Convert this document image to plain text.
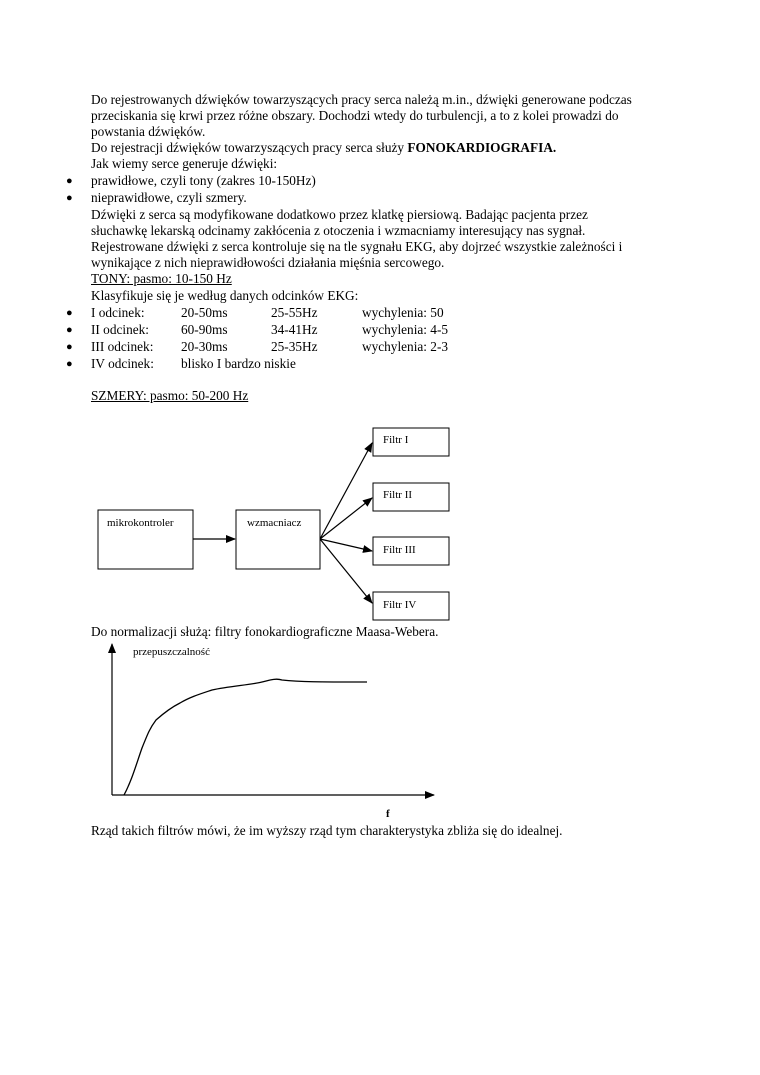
Do rejestrowanych dźwięków towarzyszących pracy serca należą m.in., dźwięki generowane podczas
przeciskania się krwi przez różne obszary. Dochodzi wtedy do turbulencji, a to z kolei prowadzi do
powstania dźwięków.
Do rejestracji dźwięków towarzyszących pracy serca służy FONOKARDIOGRAFIA.
Jak wiemy serce generuje dźwięki:
● prawidłowe, czyli tony (zakres 10-150Hz)
● nieprawidłowe, czyli szmery.
Dźwięki z serca są modyfikowane dodatkowo przez klatkę piersiową. Badając pacjenta przez
słuchawkę lekarską odcinamy zakłócenia z otoczenia i wzmacniamy interesujący nas sygnał.
Rejestrowane dźwięki z serca kontroluje się na tle sygnału EKG, aby dojrzeć wszystkie zależności i
wynikające z nich nieprawidłowości działania mięśnia sercowego.
TONY: pasmo: 10-150 Hz
Klasyfikuje się je według danych odcinków EKG:
● I odcinek:	20-50ms	25-55Hz	wychylenia: 50
● II odcinek: 60-90ms	34-41Hz	wychylenia: 4-5
● III odcinek: 20-30ms	25-35Hz	wychylenia: 2-3
● IV odcinek: blisko I bardzo niskie
SZMERY: pasmo: 50-200 Hz
mikrokontroler	wzmacniacz
Filtr I
Filtr II
Filtr III
Filtr IV
przepuszczalność
f
Do normalizacji służą: filtry fonokardiograficzne Maasa-Webera.
Rząd takich filtrów mówi, że im wyższy rząd tym charakterystyka zbliża się do idealnej.
